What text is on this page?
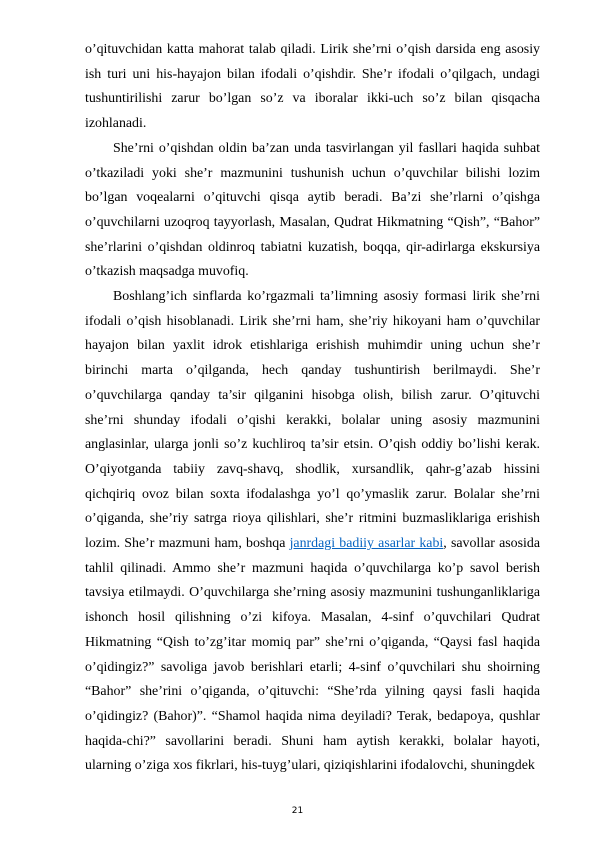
o’qituvchidan katta mahorat talab qiladi. Lirik she’rni o’qish darsida eng asosiy ish turi uni his-hayajon bilan ifodali o’qishdir. She’r ifodali o’qilgach, undagi tushuntirilishi zarur bo’lgan so’z va iboralar ikki-uch so’z bilan qisqacha izohlanadi.

She’rni o’qishdan oldin ba’zan unda tasvirlangan yil fasllari haqida suhbat o’tkaziladi yoki she’r mazmunini tushunish uchun o’quvchilar bilishi lozim bo’lgan voqealarni o’qituvchi qisqa aytib beradi. Ba’zi she’rlarni o’qishga o’quvchilarni uzoqroq tayyorlash, Masalan, Qudrat Hikmatning “Qish”, “Bahor” she’rlarini o’qishdan oldinroq tabiatni kuzatish, boqqa, qir-adirlarga ekskursiya o’tkazish maqsadga muvofiq.

Boshlang’ich sinflarda ko’rgazmali ta’limning asosiy formasi lirik she’rni ifodali o’qish hisoblanadi. Lirik she’rni ham, she’riy hikoyani ham o’quvchilar hayajon bilan yaxlit idrok etishlariga erishish muhimdir uning uchun she’r birinchi marta o’qilganda, hech qanday tushuntirish berilmaydi. She’r o’quvchilarga qanday ta’sir qilganini hisobga olish, bilish zarur. O’qituvchi she’rni shunday ifodali o’qishi kerakki, bolalar uning asosiy mazmunini anglasinlar, ularga jonli so’z kuchliroq ta’sir etsin. O’qish oddiy bo’lishi kerak. O’qiyotganda tabiiy zavq-shavq, shodlik, xursandlik, qahr-g’azab hissini qichqiriq ovoz bilan soxta ifodalashga yo’l qo’ymaslik zarur. Bolalar she’rni o’qiganda, she’riy satrga rioya qilishlari, she’r ritmini buzmasliklariga erishish lozim. She’r mazmuni ham, boshqa janrdagi badiiy asarlar kabi, savollar asosida tahlil qilinadi. Ammo she’r mazmuni haqida o’quvchilarga ko’p savol berish tavsiya etilmaydi. O’quvchilarga she’rning asosiy mazmunini tushunganliklariga ishonch hosil qilishning o’zi kifoya. Masalan, 4-sinf o’quvchilari Qudrat Hikmatning “Qish to’zg’itar momiq par” she’rni o’qiganda, “Qaysi fasl haqida o’qidingiz?” savoliga javob berishlari etarli; 4-sinf o’quvchilari shu shoirning “Bahor” she’rini o’qiganda, o’qituvchi: “She’rda yilning qaysi fasli haqida o’qidingiz? (Bahor)”. “Shamol haqida nima deyiladi? Terak, bedapoya, qushlar haqida-chi?” savollarini beradi. Shuni ham aytish kerakki, bolalar hayoti, ularning o’ziga xos fikrlari, his-tuyg’ulari, qiziqishlarini ifodalovchi, shuningdek

21
